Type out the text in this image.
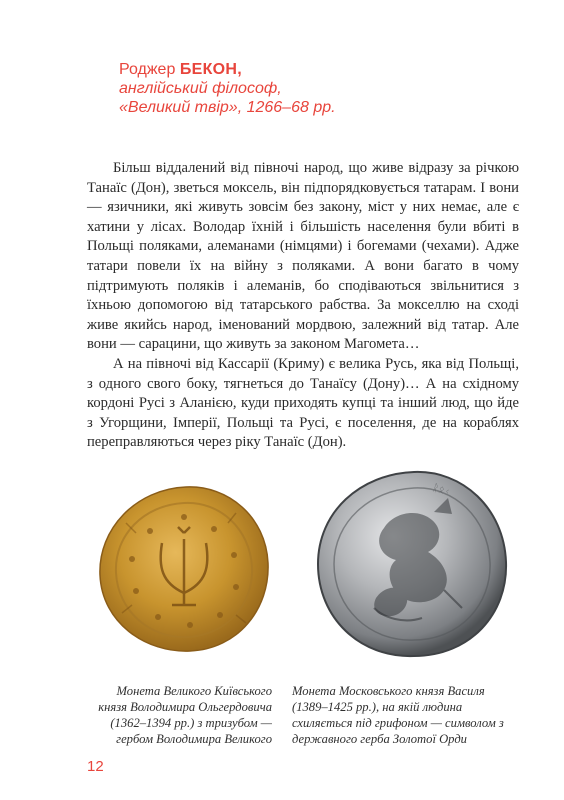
Роджер БЕКОН,
англійський філософ,
«Великий твір», 1266–68 рр.

Більш віддалений від півночі народ, що живе відразу за річкою Танаїс (Дон), зветься моксель, він підпорядковується татарам. І вони — язичники, які живуть зовсім без закону, міст у них немає, але є хатини у лісах. Володар їхній і більшість населення були вбиті в Польщі поляками, алеманами (німцями) і богемами (чехами). Адже татари повели їх на війну з поляками. А вони багато в чому підтримують поляків і алеманів, бо сподіваються звільнитися з їхньою допомогою від татарського рабства. За мокселлю на сході живе якийсь народ, іменований мордвою, залежний від татар. Але вони — сарацини, що живуть за законом Магомета…

А на півночі від Кассарії (Криму) є велика Русь, яка від Польщі, з одного свого боку, тягнеться до Танаїсу (Дону)… А на східному кордоні Русі з Аланією, куди приходять купці та інший люд, що йде з Угорщини, Імперії, Польщі та Русі, є поселення, де на кораблях переправляються через ріку Танаїс (Дон).

ᚱᛟᚲ
Монета Великого Київського князя Володимира Ольгердовича (1362–1394 рр.) з тризубом — гербом Володимира Великого
Монета Московського князя Василя (1389–1425 рр.), на якій людина схиляється під грифоном — символом з державного герба Золотої Орди
12
